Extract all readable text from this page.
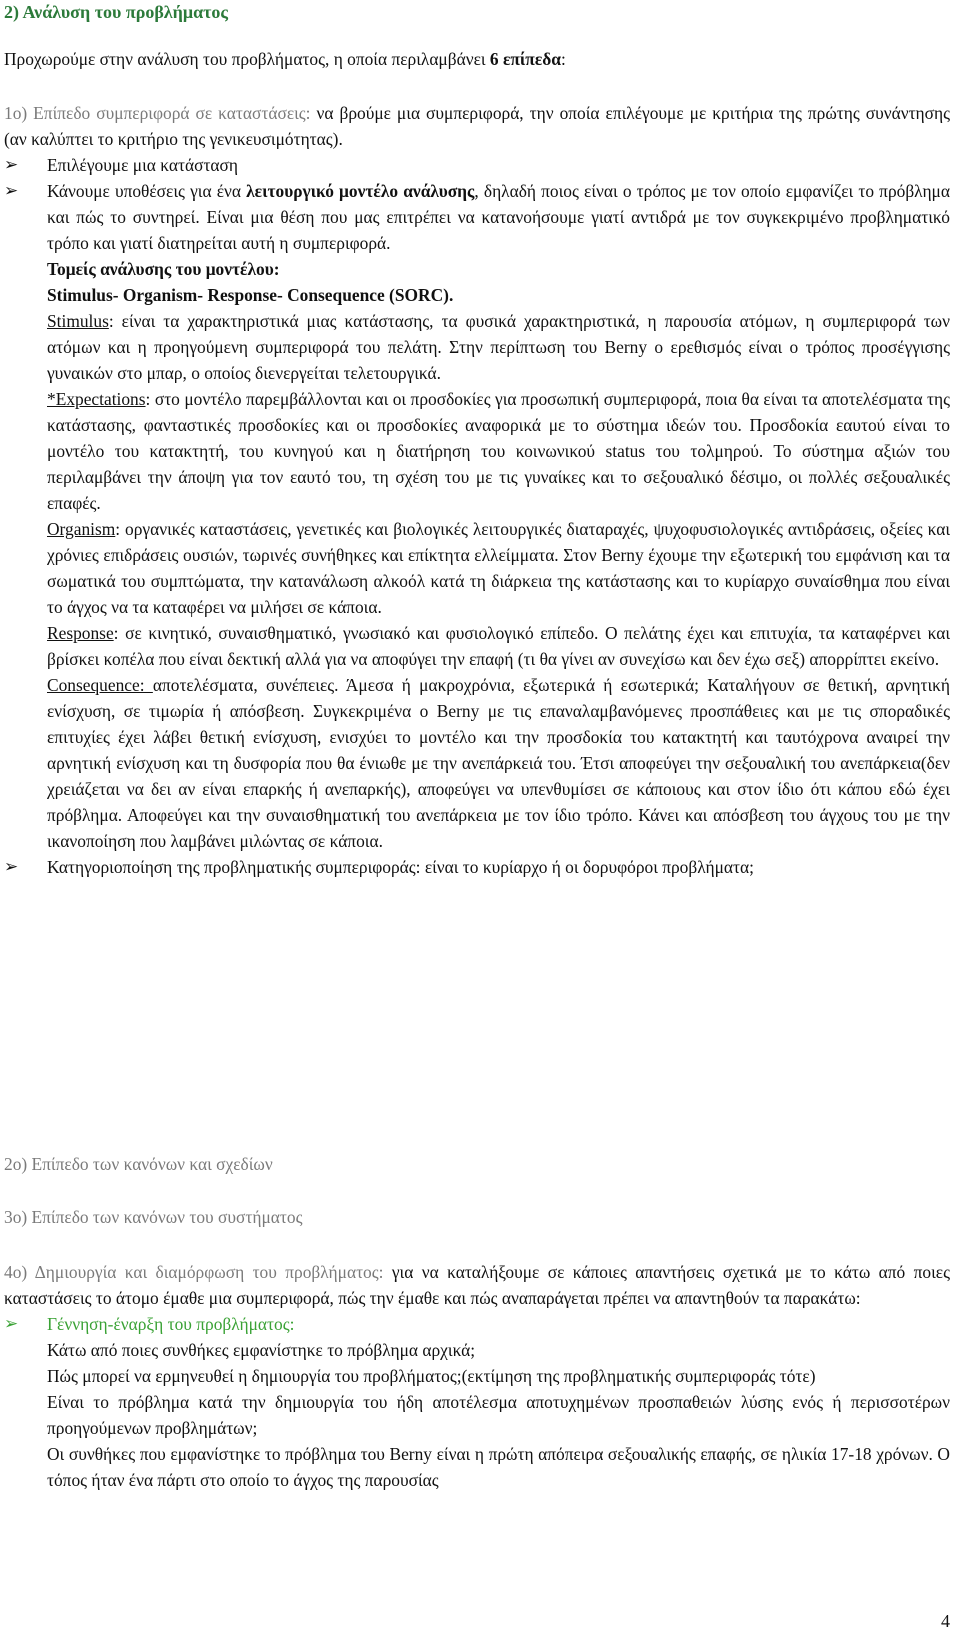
2) Ανάλυση του προβλήματος

Προχωρούμε στην ανάλυση του προβλήματος, η οποία περιλαμβάνει 6 επίπεδα:

1ο) Επίπεδο συμπεριφορά σε καταστάσεις: να βρούμε μια συμπεριφορά, την οποία επιλέγουμε με κριτήρια της πρώτης συνάντησης (αν καλύπτει το κριτήριο της γενικευσιμότητας).

➢ Επιλέγουμε μια κατάσταση

➢ Κάνουμε υποθέσεις για ένα λειτουργικό μοντέλο ανάλυσης, δηλαδή ποιος είναι ο τρόπος με τον οποίο εμφανίζει το πρόβλημα και πώς το συντηρεί. Είναι μια θέση που μας επιτρέπει να κατανοήσουμε γιατί αντιδρά με τον συγκεκριμένο προβληματικό τρόπο και γιατί διατηρείται αυτή η συμπεριφορά.

Τομείς ανάλυσης του μοντέλου:

Stimulus- Organism- Response- Consequence (SORC).

Stimulus: είναι τα χαρακτηριστικά μιας κατάστασης, τα φυσικά χαρακτηριστικά, η παρουσία ατόμων, η συμπεριφορά των ατόμων και η προηγούμενη συμπεριφορά του πελάτη. Στην περίπτωση του Berny ο ερεθισμός είναι ο τρόπος προσέγγισης γυναικών στο μπαρ, ο οποίος διενεργείται τελετουργικά.

*Expectations: στο μοντέλο παρεμβάλλονται και οι προσδοκίες για προσωπική συμπεριφορά, ποια θα είναι τα αποτελέσματα της κατάστασης, φανταστικές προσδοκίες και οι προσδοκίες αναφορικά με το σύστημα ιδεών του. Προσδοκία εαυτού είναι το μοντέλο του κατακτητή, του κυνηγού και η διατήρηση του κοινωνικού status του τολμηρού. Το σύστημα αξιών του περιλαμβάνει την άποψη για τον εαυτό του, τη σχέση του με τις γυναίκες και το σεξουαλικό δέσιμο, οι πολλές σεξουαλικές επαφές.

Organism: οργανικές καταστάσεις, γενετικές και βιολογικές λειτουργικές διαταραχές, ψυχοφυσιολογικές αντιδράσεις, οξείες και χρόνιες επιδράσεις ουσιών, τωρινές συνήθηκες και επίκτητα ελλείμματα. Στον Berny έχουμε την εξωτερική του εμφάνιση και τα σωματικά του συμπτώματα, την κατανάλωση αλκοόλ κατά τη διάρκεια της κατάστασης και το κυρίαρχο συναίσθημα που είναι το άγχος να τα καταφέρει να μιλήσει σε κάποια.

Response: σε κινητικό, συναισθηματικό, γνωσιακό και φυσιολογικό επίπεδο. Ο πελάτης έχει και επιτυχία, τα καταφέρνει και βρίσκει κοπέλα που είναι δεκτική αλλά για να αποφύγει την επαφή (τι θα γίνει αν συνεχίσω και δεν έχω σεξ) απορρίπτει εκείνο.

Consequence: αποτελέσματα, συνέπειες. Άμεσα ή μακροχρόνια, εξωτερικά ή εσωτερικά; Καταλήγουν σε θετική, αρνητική ενίσχυση, σε τιμωρία ή απόσβεση. Συγκεκριμένα ο Berny με τις επαναλαμβανόμενες προσπάθειες και με τις σποραδικές επιτυχίες έχει λάβει θετική ενίσχυση, ενισχύει το μοντέλο και την προσδοκία του κατακτητή και ταυτόχρονα αναιρεί την αρνητική ενίσχυση και τη δυσφορία που θα ένιωθε με την ανεπάρκειά του. Έτσι αποφεύγει την σεξουαλική του ανεπάρκεια(δεν χρειάζεται να δει αν είναι επαρκής ή ανεπαρκής), αποφεύγει να υπενθυμίσει σε κάποιους και στον ίδιο ότι κάπου εδώ έχει πρόβλημα. Αποφεύγει και την συναισθηματική του ανεπάρκεια με τον ίδιο τρόπο. Κάνει και απόσβεση του άγχους του με την ικανοποίηση που λαμβάνει μιλώντας σε κάποια.

➢ Κατηγοριοποίηση της προβληματικής συμπεριφοράς: είναι το κυρίαρχο ή οι δορυφόροι προβλήματα;

2ο) Επίπεδο των κανόνων και σχεδίων

3ο) Επίπεδο των κανόνων του συστήματος

4ο) Δημιουργία και διαμόρφωση του προβλήματος: για να καταλήξουμε σε κάποιες απαντήσεις σχετικά με το κάτω από ποιες καταστάσεις το άτομο έμαθε μια συμπεριφορά, πώς την έμαθε και πώς αναπαράγεται πρέπει να απαντηθούν τα παρακάτω:

➢ Γέννηση-έναρξη του προβλήματος:

Κάτω από ποιες συνθήκες εμφανίστηκε το πρόβλημα αρχικά;

Πώς μπορεί να ερμηνευθεί η δημιουργία του προβλήματος;(εκτίμηση της προβληματικής συμπεριφοράς τότε)

Είναι το πρόβλημα κατά την δημιουργία του ήδη αποτέλεσμα αποτυχημένων προσπαθειών λύσης ενός ή περισσοτέρων προηγούμενων προβλημάτων;

Οι συνθήκες που εμφανίστηκε το πρόβλημα του Berny είναι η πρώτη απόπειρα σεξουαλικής επαφής, σε ηλικία 17-18 χρόνων. Ο τόπος ήταν ένα πάρτι στο οποίο το άγχος της παρουσίας

4
